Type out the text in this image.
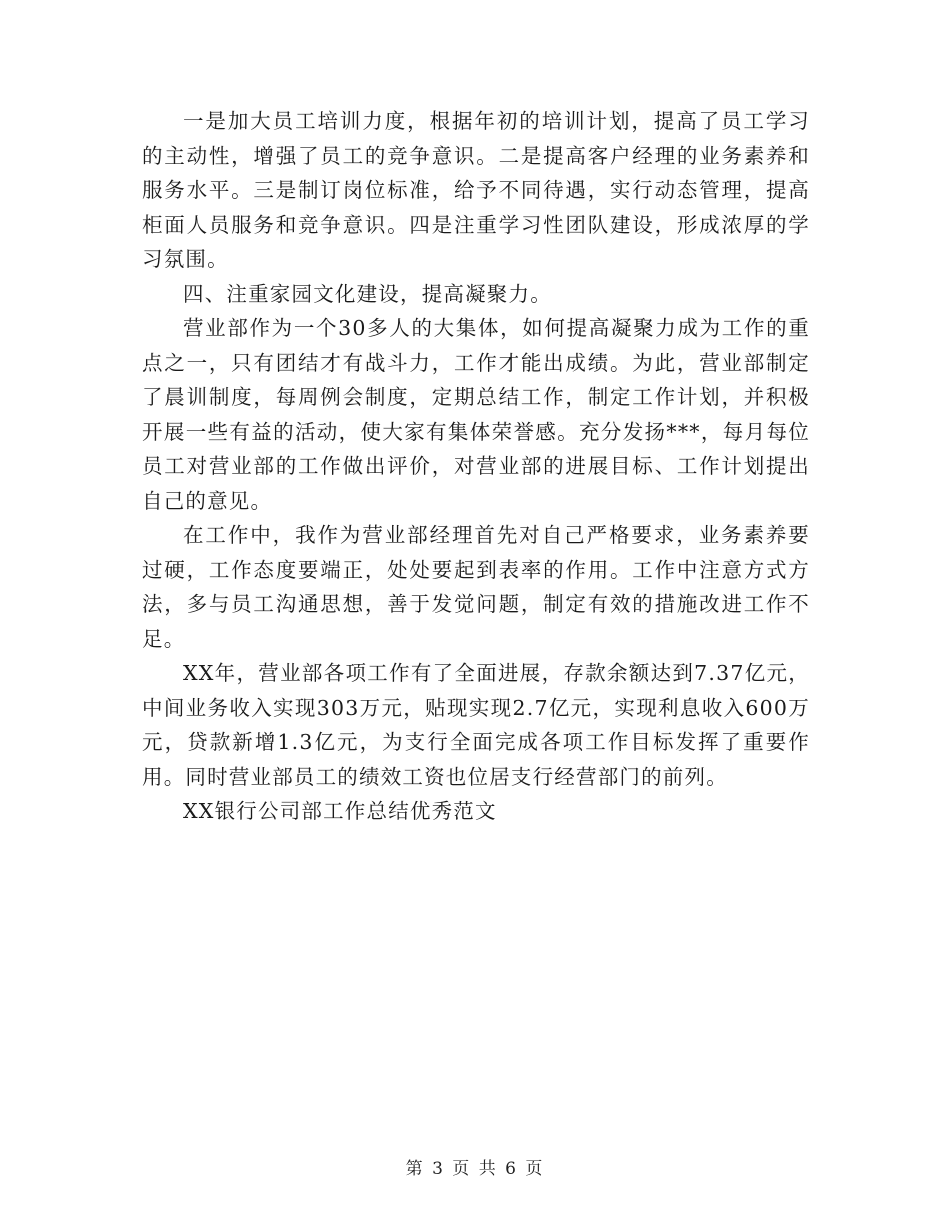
一是加大员工培训力度，根据年初的培训计划，提高了员工学习的主动性，增强了员工的竞争意识。二是提高客户经理的业务素养和服务水平。三是制订岗位标准，给予不同待遇，实行动态管理，提高柜面人员服务和竞争意识。四是注重学习性团队建设，形成浓厚的学习氛围。

四、注重家园文化建设，提高凝聚力。

营业部作为一个30多人的大集体，如何提高凝聚力成为工作的重点之一，只有团结才有战斗力，工作才能出成绩。为此，营业部制定了晨训制度，每周例会制度，定期总结工作，制定工作计划，并积极开展一些有益的活动，使大家有集体荣誉感。充分发扬***，每月每位员工对营业部的工作做出评价，对营业部的进展目标、工作计划提出自己的意见。

在工作中，我作为营业部经理首先对自己严格要求，业务素养要过硬，工作态度要端正，处处要起到表率的作用。工作中注意方式方法，多与员工沟通思想，善于发觉问题，制定有效的措施改进工作不足。

XX年，营业部各项工作有了全面进展，存款余额达到7.37亿元，中间业务收入实现303万元，贴现实现2.7亿元，实现利息收入600万元，贷款新增1.3亿元，为支行全面完成各项工作目标发挥了重要作用。同时营业部员工的绩效工资也位居支行经营部门的前列。

XX银行公司部工作总结优秀范文

第 3 页 共 6 页
